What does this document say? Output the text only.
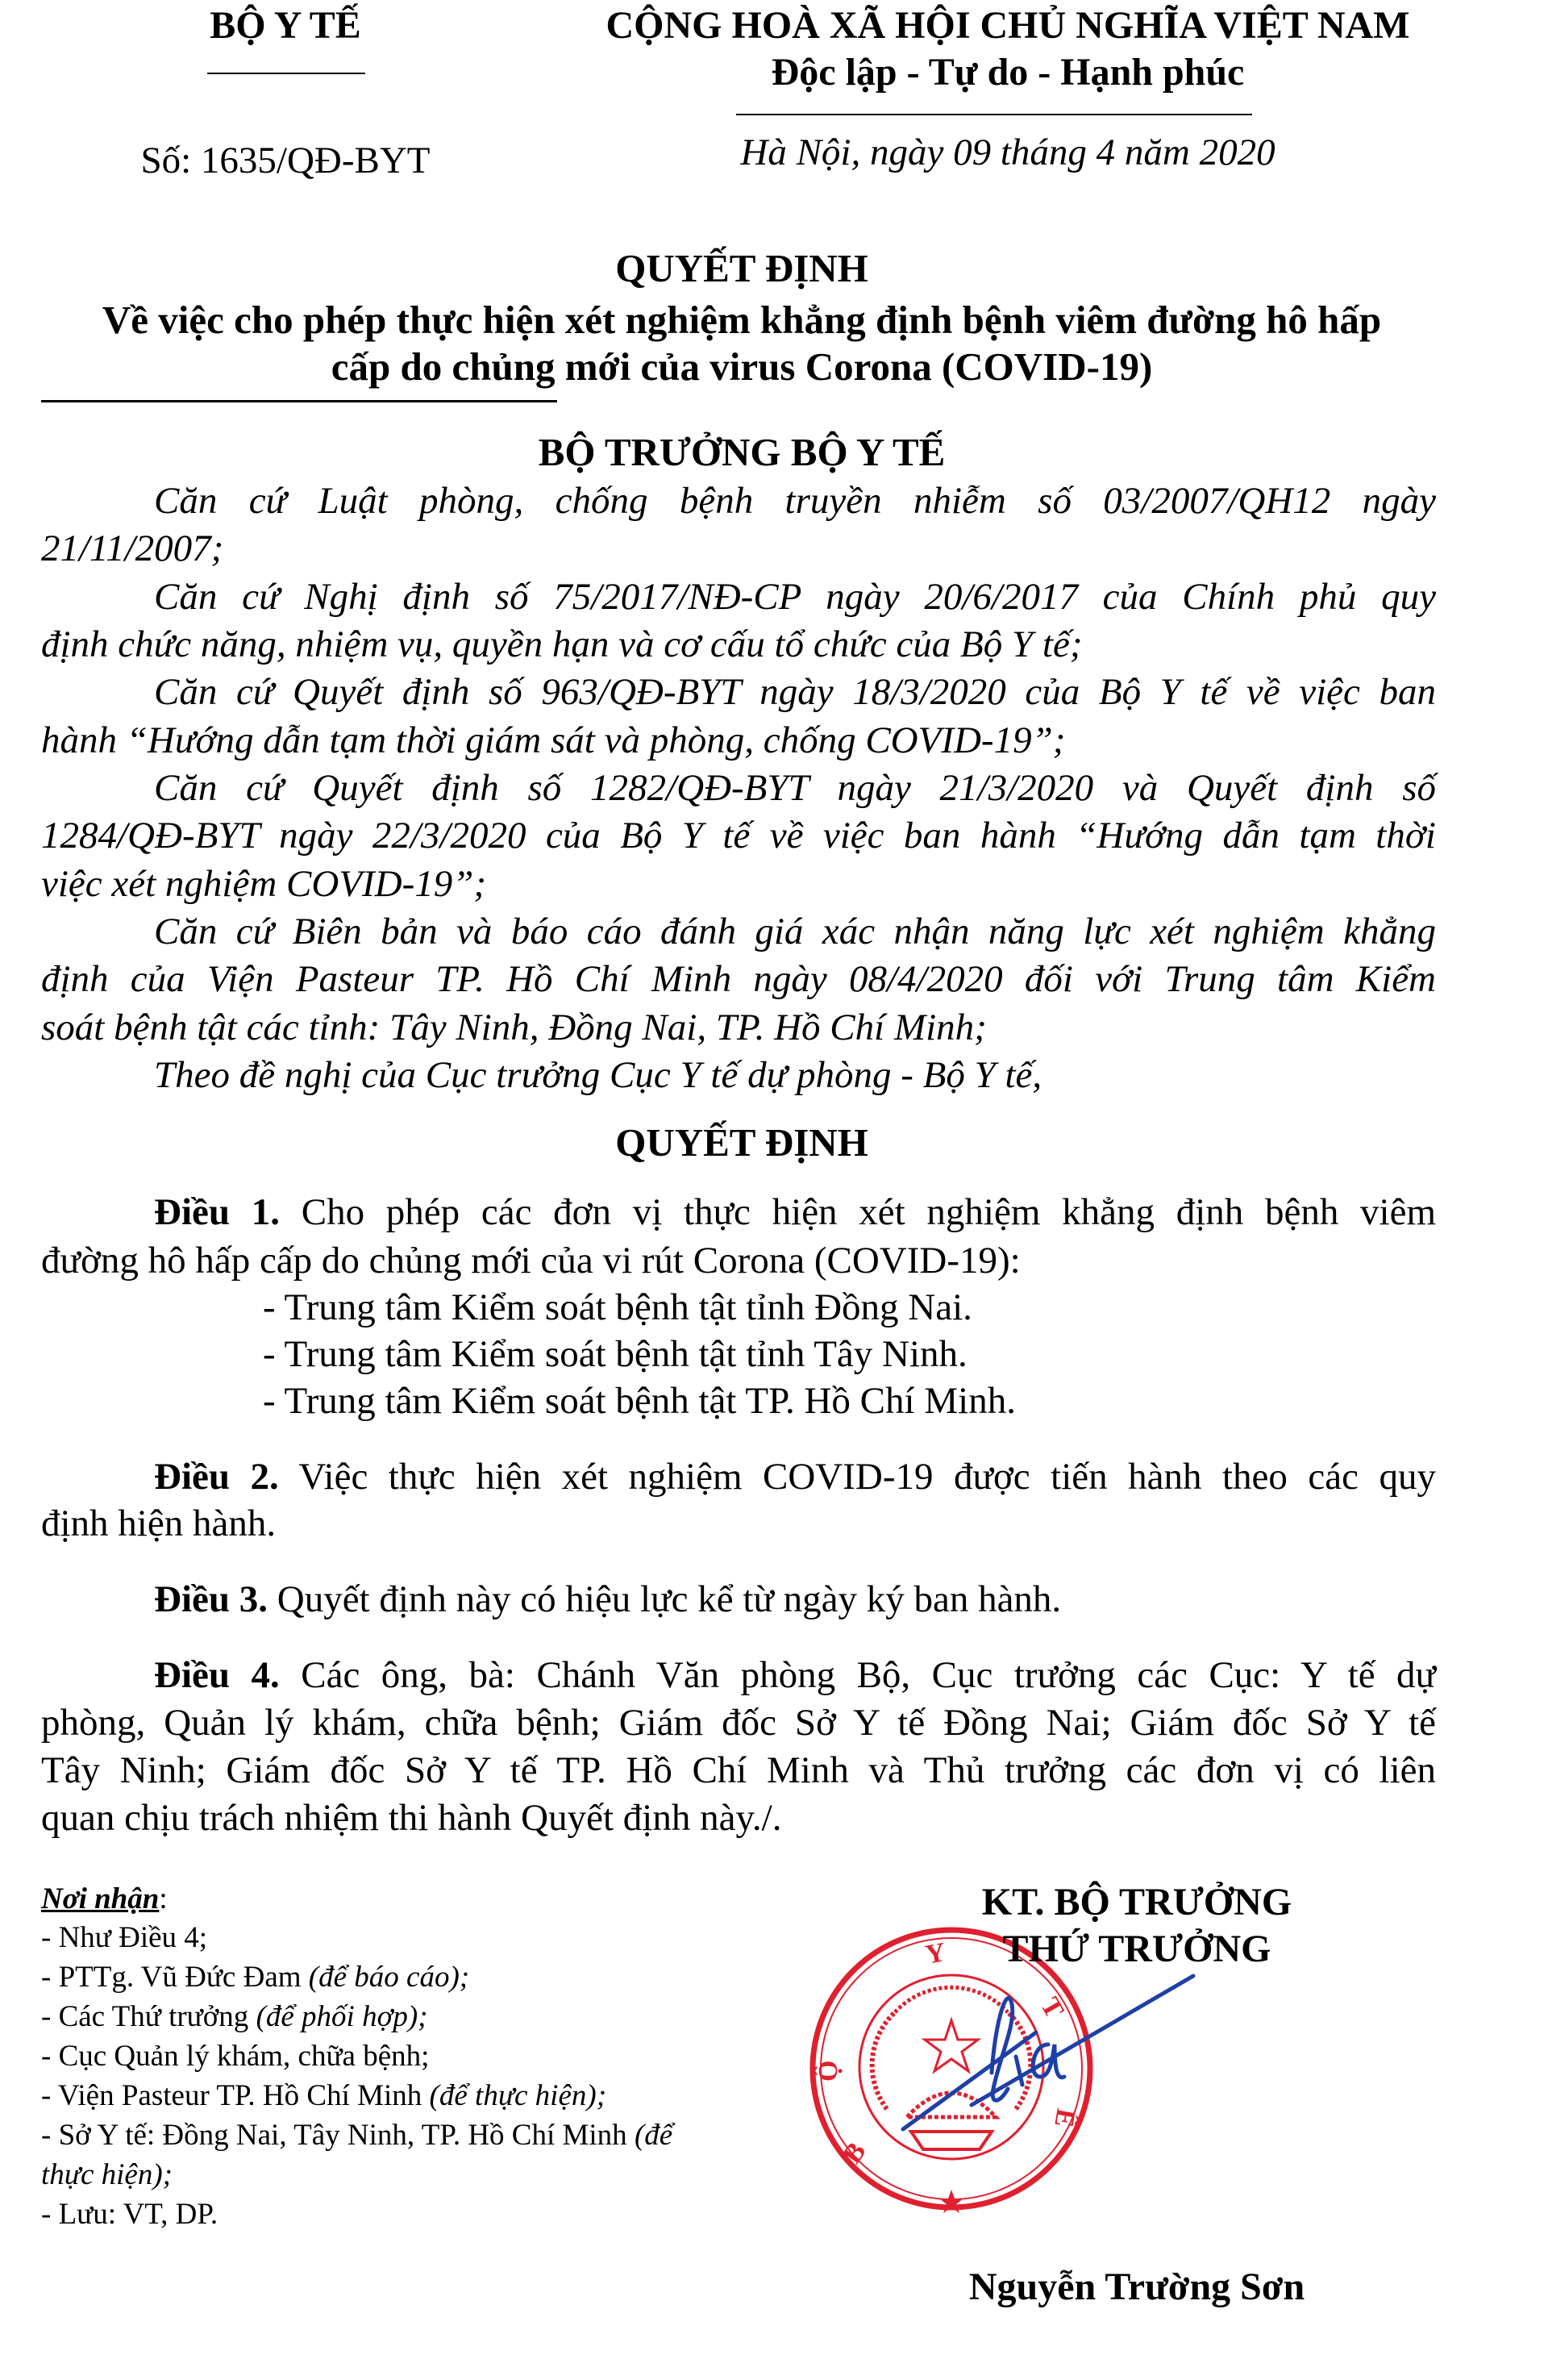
BỘ Y TẾ
Số: 1635/QĐ-BYT
CỘNG HOÀ XÃ HỘI CHỦ NGHĨA VIỆT NAM
Độc lập - Tự do - Hạnh phúc
Hà Nội, ngày 09 tháng 4 năm 2020
QUYẾT ĐỊNH
Về việc cho phép thực hiện xét nghiệm khẳng định bệnh viêm đường hô hấp
cấp do chủng mới của virus Corona (COVID-19)
BỘ TRƯỞNG BỘ Y TẾ
Căn cứ Luật phòng, chống bệnh truyền nhiễm số 03/2007/QH12 ngày
21/11/2007;
Căn cứ Nghị định số 75/2017/NĐ-CP ngày 20/6/2017 của Chính phủ quy
định chức năng, nhiệm vụ, quyền hạn và cơ cấu tổ chức của Bộ Y tế;
Căn cứ Quyết định số 963/QĐ-BYT ngày 18/3/2020 của Bộ Y tế về việc ban
hành “Hướng dẫn tạm thời giám sát và phòng, chống COVID-19”;
Căn cứ Quyết định số 1282/QĐ-BYT ngày 21/3/2020 và Quyết định số
1284/QĐ-BYT ngày 22/3/2020 của Bộ Y tế về việc ban hành “Hướng dẫn tạm thời
việc xét nghiệm COVID-19”;
Căn cứ Biên bản và báo cáo đánh giá xác nhận năng lực xét nghiệm khẳng
định của Viện Pasteur TP. Hồ Chí Minh ngày 08/4/2020 đối với Trung tâm Kiểm
soát bệnh tật các tỉnh: Tây Ninh, Đồng Nai, TP. Hồ Chí Minh;
Theo đề nghị của Cục trưởng Cục Y tế dự phòng - Bộ Y tế,
QUYẾT ĐỊNH
Điều 1. Cho phép các đơn vị thực hiện xét nghiệm khẳng định bệnh viêm
đường hô hấp cấp do chủng mới của vi rút Corona (COVID-19):
- Trung tâm Kiểm soát bệnh tật tỉnh Đồng Nai.
- Trung tâm Kiểm soát bệnh tật tỉnh Tây Ninh.
- Trung tâm Kiểm soát bệnh tật TP. Hồ Chí Minh.
Điều 2. Việc thực hiện xét nghiệm COVID-19 được tiến hành theo các quy
định hiện hành.
Điều 3. Quyết định này có hiệu lực kể từ ngày ký ban hành.
Điều 4. Các ông, bà: Chánh Văn phòng Bộ, Cục trưởng các Cục: Y tế dự
phòng, Quản lý khám, chữa bệnh; Giám đốc Sở Y tế Đồng Nai; Giám đốc Sở Y tế
Tây Ninh; Giám đốc Sở Y tế TP. Hồ Chí Minh và Thủ trưởng các đơn vị có liên
quan chịu trách nhiệm thi hành Quyết định này./.
Nơi nhận:
- Như Điều 4;
- PTTg. Vũ Đức Đam (để báo cáo);
- Các Thứ trưởng (để phối hợp);
- Cục Quản lý khám, chữa bệnh;
- Viện Pasteur TP. Hồ Chí Minh (để thực hiện);
- Sở Y tế: Đồng Nai, Tây Ninh, TP. Hồ Chí Minh (để
thực hiện);
- Lưu: VT, DP.
B
Ộ
Y
T
Ế
KT. BỘ TRƯỞNG
THỨ TRƯỞNG
Nguyễn Trường Sơn
